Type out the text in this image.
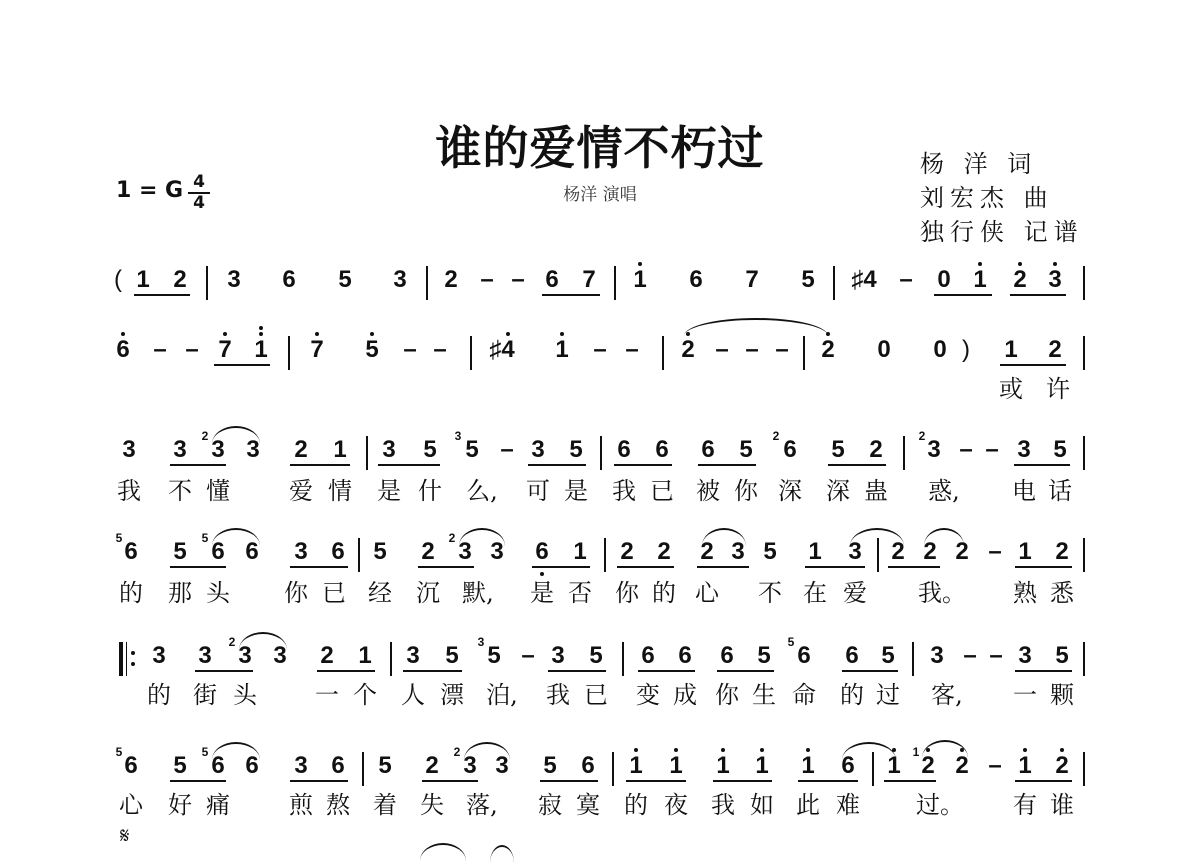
谁的爱情不朽过
杨洋 演唱
杨 洋 词
刘宏杰 曲
独行侠 记谱
1 = G 4
4
( 1 2 3 6 5 3 2 – – 6 7 1 6 7 5 ♯4 – 0 1 2 3
6 – – 7 1 7 5 – – ♯4 1 – – 2 – – – 2 0 0 ) 1 2
或 许
3 3 2 3 3 2 1 3 5 3 5 – 3 5 6 6 6 5 2 6 5 2	2 3 – – 3 5
我 不 懂 爱 情 是 什 么, 可 是 我 已 被 你 深 深 蛊 惑, 电 话
5 6 5 5 6 6 3 6 5 2 2 3 3 6 1 2 2 2 3 5 1 3 2 2 2 – 1 2
的 那 头 你 已 经 沉 默, 是 否 你 的 心 不 在 爱 我。 熟 悉
3 3 2 3 3 2 1 3 5 3 5 – 3 5 6 6 6 5 5 6 6 5 3 – – 3 5
的 街 头 一 个 人 漂 泊, 我 已 变 成 你 生 命 的 过 客, 一 颗
5 6 5 5 6 6 3 6 5 2 2 3 3 5 6 1 1 1 1 1 6 1 1 2 2 – 1 2
心 好 痛 煎 熬 着 失 落, 寂 寞 的 夜 我 如 此 难 过。 有 谁
𝄋
